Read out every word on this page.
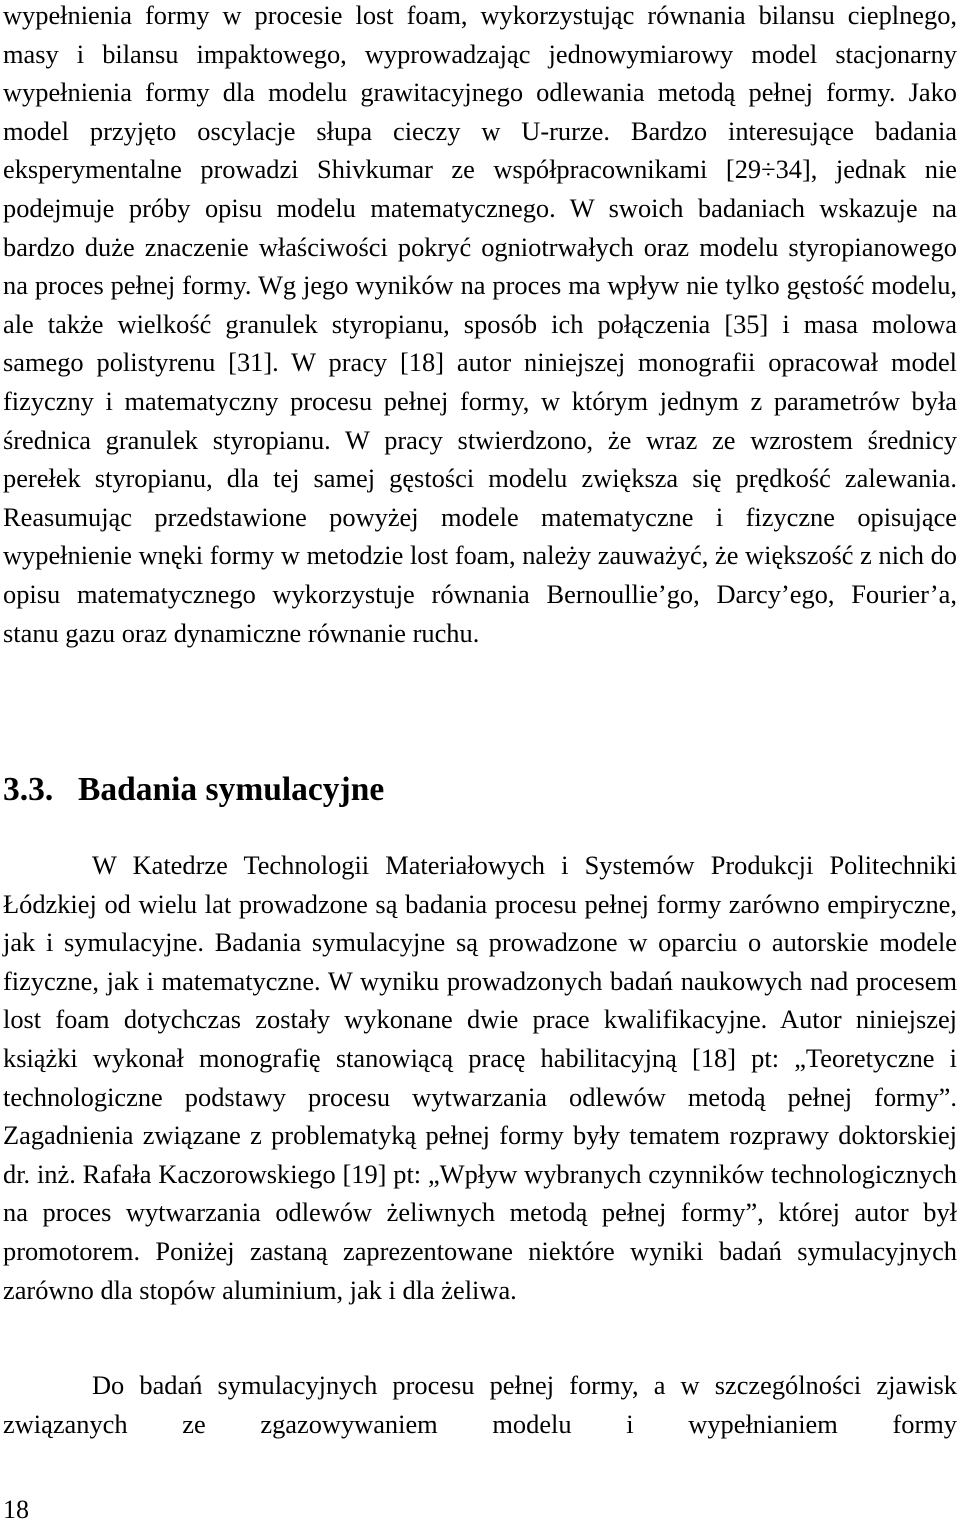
wypełnienia formy w procesie lost foam, wykorzystując równania bilansu cieplnego, masy i bilansu impaktowego, wyprowadzając jednowymiarowy model stacjonarny wypełnienia formy dla modelu grawitacyjnego odlewania metodą pełnej formy. Jako model przyjęto oscylacje słupa cieczy w U-rurze. Bardzo interesujące badania eksperymentalne prowadzi Shivkumar ze współpracownikami [29÷34], jednak nie podejmuje próby opisu modelu matematycznego. W swoich badaniach wskazuje na bardzo duże znaczenie właściwości pokryć ogniotrwałych oraz modelu styropianowego na proces pełnej formy. Wg jego wyników na proces ma wpływ nie tylko gęstość modelu, ale także wielkość granulek styropianu, sposób ich połączenia [35] i masa molowa samego polistyrenu [31]. W pracy [18] autor niniejszej monografii opracował model fizyczny i matematyczny procesu pełnej formy, w którym jednym z parametrów była średnica granulek styropianu. W pracy stwierdzono, że wraz ze wzrostem średnicy perełek styropianu, dla tej samej gęstości modelu zwiększa się prędkość zalewania. Reasumując przedstawione powyżej modele matematyczne i fizyczne opisujące wypełnienie wnęki formy w metodzie lost foam, należy zauważyć, że większość z nich do opisu matematycznego wykorzystuje równania Bernoullie’go, Darcy’ego, Fourier’a, stanu gazu oraz dynamiczne równanie ruchu.

3.3. Badania symulacyjne

W Katedrze Technologii Materiałowych i Systemów Produkcji Politechniki Łódzkiej od wielu lat prowadzone są badania procesu pełnej formy zarówno empiryczne, jak i symulacyjne. Badania symulacyjne są prowadzone w oparciu o autorskie modele fizyczne, jak i matematyczne. W wyniku prowadzonych badań naukowych nad procesem lost foam dotychczas zostały wykonane dwie prace kwalifikacyjne. Autor niniejszej książki wykonał monografię stanowiącą pracę habilitacyjną [18] pt: „Teoretyczne i technologiczne podstawy procesu wytwarzania odlewów metodą pełnej formy”. Zagadnienia związane z problematyką pełnej formy były tematem rozprawy doktorskiej dr. inż. Rafała Kaczorowskiego [19] pt: „Wpływ wybranych czynników technologicznych na proces wytwarzania odlewów żeliwnych metodą pełnej formy”, której autor był promotorem. Poniżej zastaną zaprezentowane niektóre wyniki badań symulacyjnych zarówno dla stopów aluminium, jak i dla żeliwa.

Do badań symulacyjnych procesu pełnej formy, a w szczególności zjawisk związanych ze zgazowywaniem modelu i wypełnianiem formy

18
